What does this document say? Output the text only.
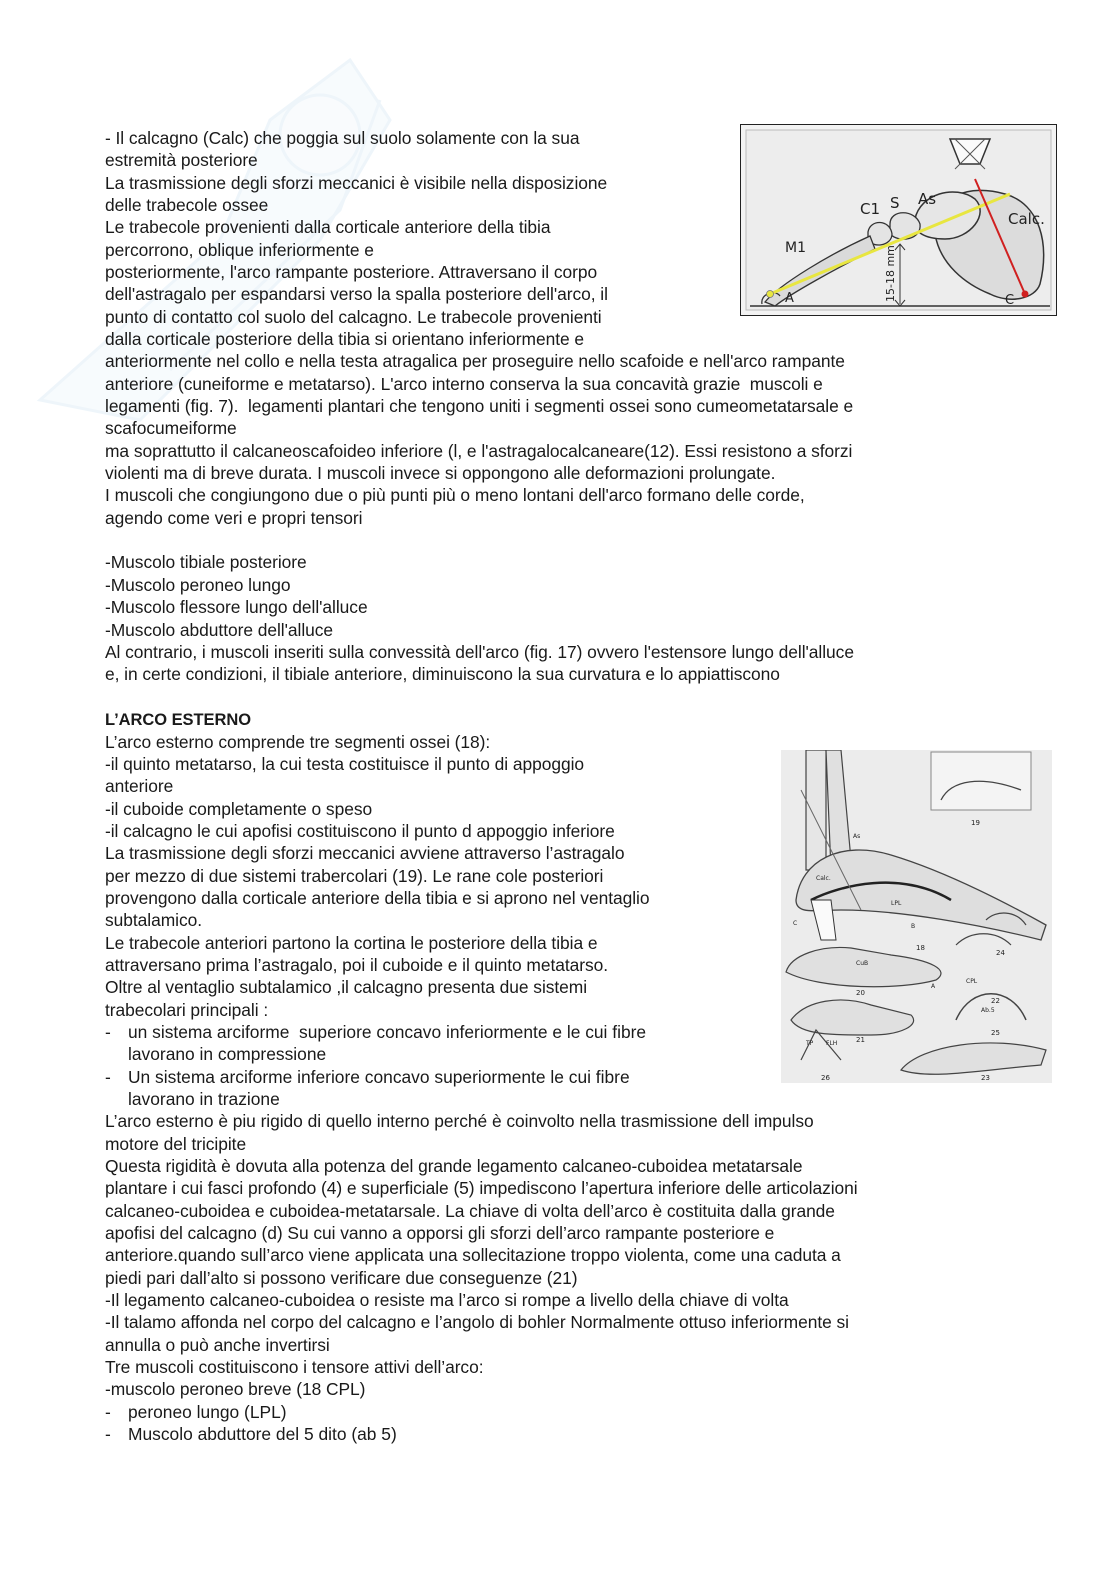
Calc.
C1 S As
M1
A	C
15-18 mm
19
18
20
24
22
21
25
26	23
Calc.
As
C	B
A
CPL
LPL
Ab.5
TP FLH
CuB

- Il calcagno (Calc) che poggia sul suolo solamente con la sua

estremità posteriore

La trasmissione degli sforzi meccanici è visibile nella disposizione

delle trabecole ossee

Le trabecole provenienti dalla corticale anteriore della tibia

percorrono, oblique inferiormente e

posteriormente, l'arco rampante posteriore. Attraversano il corpo

dell'astragalo per espandarsi verso la spalla posteriore dell'arco, il

punto di contatto col suolo del calcagno. Le trabecole provenienti

dalla corticale posteriore della tibia si orientano inferiormente e

anteriormente nel collo e nella testa atragalica per proseguire nello scafoide e nell'arco rampante

anteriore (cuneiforme e metatarso). L'arco interno conserva la sua concavità grazie  muscoli e

legamenti (fig. 7).  legamenti plantari che tengono uniti i segmenti ossei sono cumeometatarsale e

scafocumeiforme

ma soprattutto il calcaneoscafoideo inferiore (l, e l'astragalocalcaneare(12). Essi resistono a sforzi

violenti ma di breve durata. I muscoli invece si oppongono alle deformazioni prolungate.

I muscoli che congiungono due o più punti più o meno lontani dell'arco formano delle corde,

agendo come veri e propri tensori

-Muscolo tibiale posteriore

-Muscolo peroneo lungo

-Muscolo flessore lungo dell'alluce

-Muscolo abduttore dell'alluce

Al contrario, i muscoli inseriti sulla convessità dell'arco (fig. 17) ovvero l'estensore lungo dell'alluce

e, in certe condizioni, il tibiale anteriore, diminuiscono la sua curvatura e lo appiattiscono

L’ARCO ESTERNO

L’arco esterno comprende tre segmenti ossei (18):

-il quinto metatarso, la cui testa costituisce il punto di appoggio

anteriore

-il cuboide completamente o speso

-il calcagno le cui apofisi costituiscono il punto d appoggio inferiore

La trasmissione degli sforzi meccanici avviene attraverso l’astragalo

per mezzo di due sistemi trabercolari (19). Le rane cole posteriori

provengono dalla corticale anteriore della tibia e si aprono nel ventaglio

subtalamico.

Le trabecole anteriori partono la cortina le posteriore della tibia e

attraversano prima l’astragalo, poi il cuboide e il quinto metatarso.

Oltre al ventaglio subtalamico ,il calcagno presenta due sistemi

trabecolari principali :

- un sistema arciforme  superiore concavo inferiormente e le cui fibre
lavorano in compressione
- Un sistema arciforme inferiore concavo superiormente le cui fibre
lavorano in trazione

L’arco esterno è piu rigido di quello interno perché è coinvolto nella trasmissione dell impulso

motore del tricipite

Questa rigidità è dovuta alla potenza del grande legamento calcaneo-cuboidea metatarsale

plantare i cui fasci profondo (4) e superficiale (5) impediscono l’apertura inferiore delle articolazioni

calcaneo-cuboidea e cuboidea-metatarsale. La chiave di volta dell’arco è costituita dalla grande

apofisi del calcagno (d) Su cui vanno a opporsi gli sforzi dell’arco rampante posteriore e

anteriore.quando sull’arco viene applicata una sollecitazione troppo violenta, come una caduta a

piedi pari dall’alto si possono verificare due conseguenze (21)

-Il legamento calcaneo-cuboidea o resiste ma l’arco si rompe a livello della chiave di volta

-Il talamo affonda nel corpo del calcagno e l’angolo di bohler Normalmente ottuso inferiormente si

annulla o può anche invertirsi

Tre muscoli costituiscono i tensore attivi dell’arco:

-muscolo peroneo breve (18 CPL)

- peroneo lungo (LPL)
- Muscolo abduttore del 5 dito (ab 5)
